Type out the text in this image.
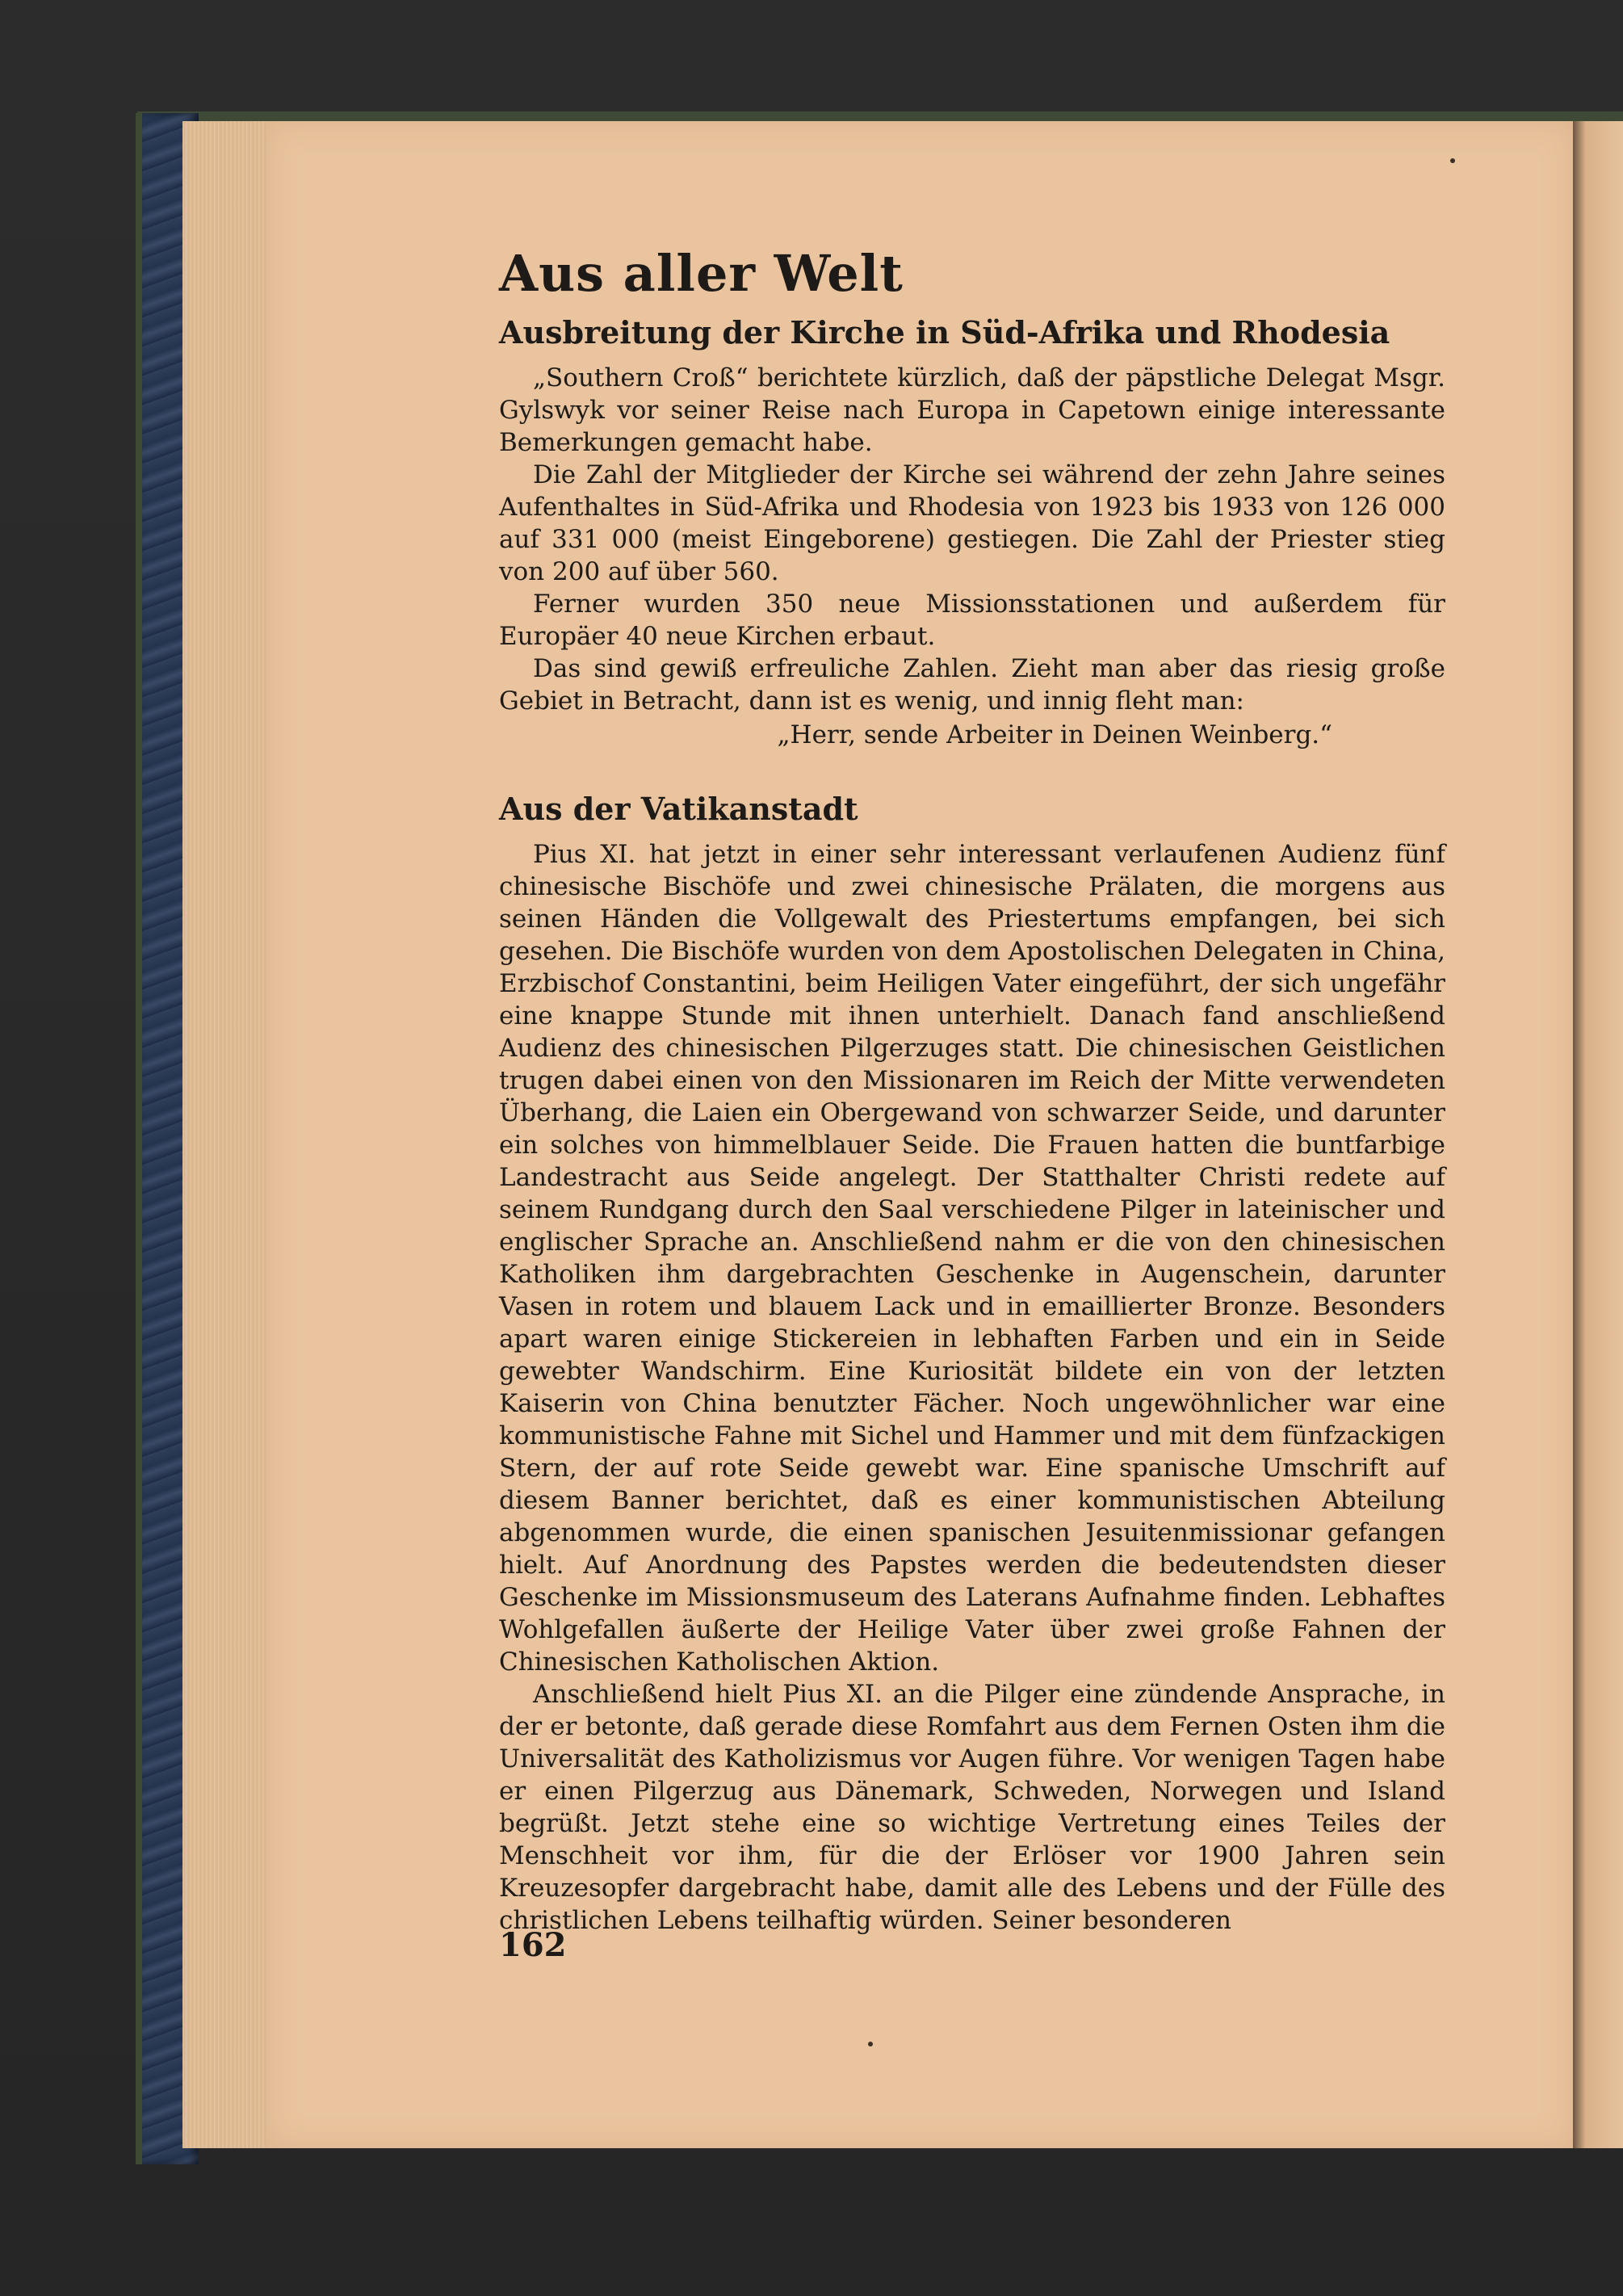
Aus aller Welt
Ausbreitung der Kirche in Süd-Afrika und Rhodesia

„Southern Croß“ berichtete kürzlich, daß der päpstliche Delegat Msgr. Gylswyk vor seiner Reise nach Europa in Capetown einige interessante Bemerkungen gemacht habe.

Die Zahl der Mitglieder der Kirche sei während der zehn Jahre seines Aufenthaltes in Süd-Afrika und Rhodesia von 1923 bis 1933 von 126 000 auf 331 000 (meist Eingeborene) gestiegen. Die Zahl der Priester stieg von 200 auf über 560.

Ferner wurden 350 neue Missionsstationen und außerdem für Europäer 40 neue Kirchen erbaut.

Das sind gewiß erfreuliche Zahlen. Zieht man aber das riesig große Gebiet in Betracht, dann ist es wenig, und innig fleht man:

„Herr, sende Arbeiter in Deinen Weinberg.“

Aus der Vatikanstadt

Pius XI. hat jetzt in einer sehr interessant verlaufenen Audienz fünf chinesische Bischöfe und zwei chinesische Prälaten, die morgens aus seinen Händen die Vollgewalt des Priestertums empfangen, bei sich gesehen. Die Bischöfe wurden von dem Apostolischen Delegaten in China, Erzbischof Constantini, beim Heiligen Vater eingeführt, der sich ungefähr eine knappe Stunde mit ihnen unterhielt. Danach fand anschließend Audienz des chinesischen Pilgerzuges statt. Die chinesischen Geistlichen trugen dabei einen von den Missionaren im Reich der Mitte verwendeten Überhang, die Laien ein Obergewand von schwarzer Seide, und darunter ein solches von himmelblauer Seide. Die Frauen hatten die buntfarbige Landestracht aus Seide angelegt. Der Statthalter Christi redete auf seinem Rundgang durch den Saal verschiedene Pilger in lateinischer und englischer Sprache an. Anschließend nahm er die von den chinesischen Katholiken ihm dargebrachten Geschenke in Augenschein, darunter Vasen in rotem und blauem Lack und in emaillierter Bronze. Besonders apart waren einige Stickereien in lebhaften Farben und ein in Seide gewebter Wandschirm. Eine Kuriosität bildete ein von der letzten Kaiserin von China benutzter Fächer. Noch ungewöhnlicher war eine kommunistische Fahne mit Sichel und Hammer und mit dem fünfzackigen Stern, der auf rote Seide gewebt war. Eine spanische Umschrift auf diesem Banner berichtet, daß es einer kommunistischen Abteilung abgenommen wurde, die einen spanischen Jesuitenmissionar gefangen hielt. Auf Anordnung des Papstes werden die bedeutendsten dieser Geschenke im Missionsmuseum des Laterans Aufnahme finden. Lebhaftes Wohlgefallen äußerte der Heilige Vater über zwei große Fahnen der Chinesischen Katholischen Aktion.

Anschließend hielt Pius XI. an die Pilger eine zündende Ansprache, in der er betonte, daß gerade diese Romfahrt aus dem Fernen Osten ihm die Universalität des Katholizismus vor Augen führe. Vor wenigen Tagen habe er einen Pilgerzug aus Dänemark, Schweden, Norwegen und Island begrüßt. Jetzt stehe eine so wichtige Vertretung eines Teiles der Menschheit vor ihm, für die der Erlöser vor 1900 Jahren sein Kreuzesopfer dargebracht habe, damit alle des Lebens und der Fülle des christlichen Lebens teilhaftig würden. Seiner besonderen

162
